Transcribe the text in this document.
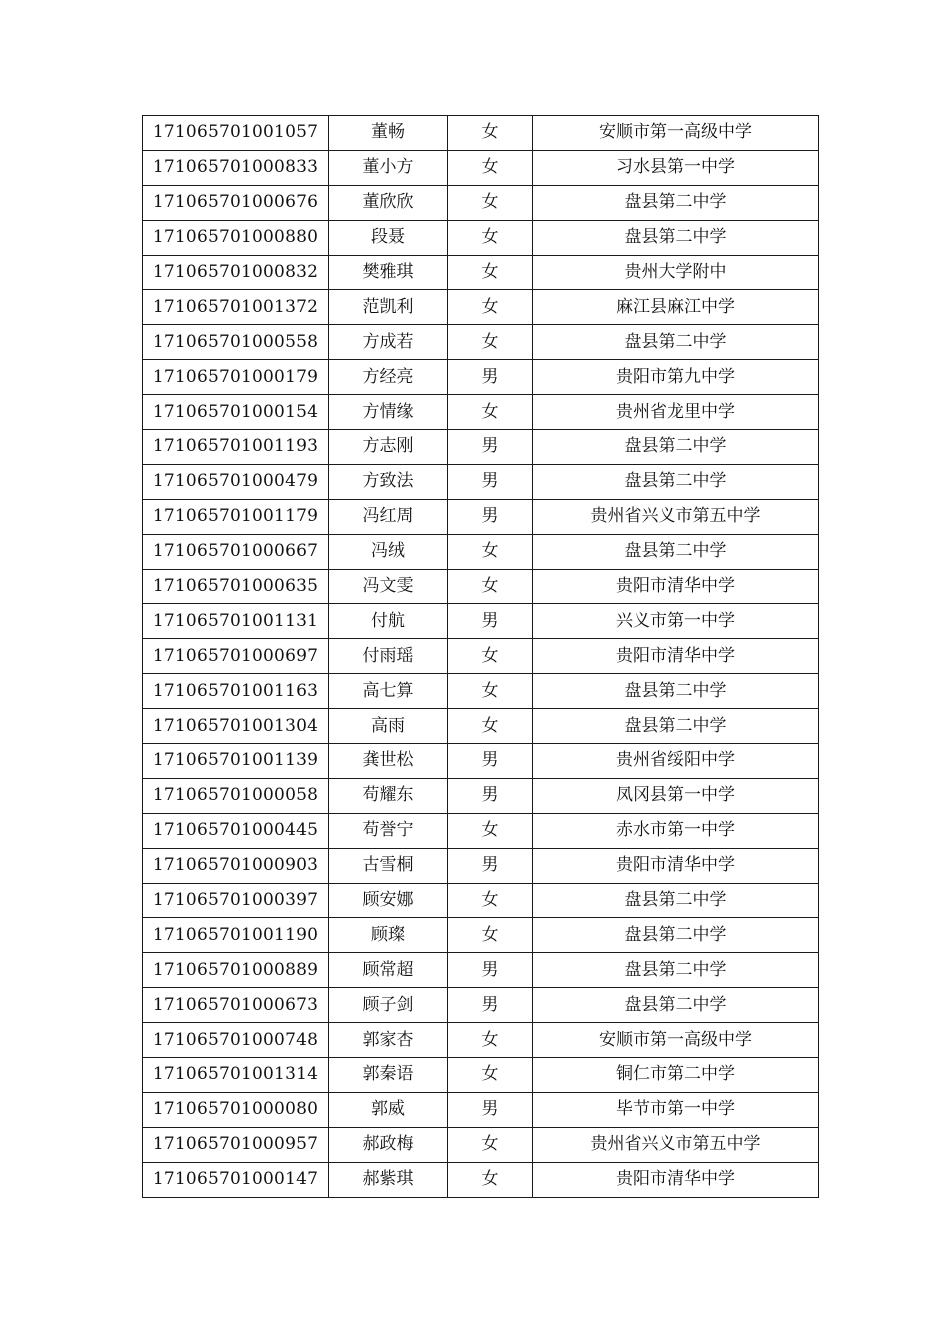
171065701001057	董畅	女	安顺市第一高级中学
171065701000833	董小方	女	习水县第一中学
171065701000676	董欣欣	女	盘县第二中学
171065701000880	段聂	女	盘县第二中学
171065701000832	樊雅琪	女	贵州大学附中
171065701001372	范凯利	女	麻江县麻江中学
171065701000558	方成若	女	盘县第二中学
171065701000179	方经亮	男	贵阳市第九中学
171065701000154	方情缘	女	贵州省龙里中学
171065701001193	方志刚	男	盘县第二中学
171065701000479	方致法	男	盘县第二中学
171065701001179	冯红周	男	贵州省兴义市第五中学
171065701000667	冯绒	女	盘县第二中学
171065701000635	冯文雯	女	贵阳市清华中学
171065701001131	付航	男	兴义市第一中学
171065701000697	付雨瑶	女	贵阳市清华中学
171065701001163	高七算	女	盘县第二中学
171065701001304	高雨	女	盘县第二中学
171065701001139	龚世松	男	贵州省绥阳中学
171065701000058	苟耀东	男	凤冈县第一中学
171065701000445	苟誉宁	女	赤水市第一中学
171065701000903	古雪桐	男	贵阳市清华中学
171065701000397	顾安娜	女	盘县第二中学
171065701001190	顾璨	女	盘县第二中学
171065701000889	顾常超	男	盘县第二中学
171065701000673	顾子剑	男	盘县第二中学
171065701000748	郭家杏	女	安顺市第一高级中学
171065701001314	郭秦语	女	铜仁市第二中学
171065701000080	郭威	男	毕节市第一中学
171065701000957	郝政梅	女	贵州省兴义市第五中学
171065701000147	郝紫琪	女	贵阳市清华中学
